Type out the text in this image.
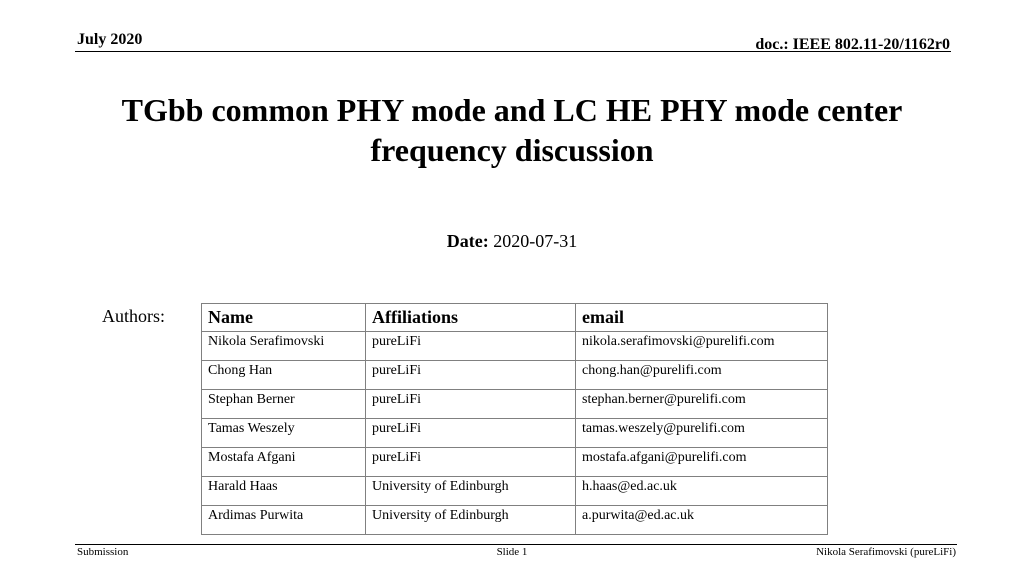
July 2020	doc.: IEEE 802.11-20/1162r0
TGbb common PHY mode and LC HE PHY mode center frequency discussion
Date: 2020-07-31
Authors: Name	Affiliations	email
Nikola Serafimovski	pureLiFi	nikola.serafimovski@purelifi.com
Chong Han	pureLiFi	chong.han@purelifi.com
Stephan Berner	pureLiFi	stephan.berner@purelifi.com
Tamas Weszely	pureLiFi	tamas.weszely@purelifi.com
Mostafa Afgani	pureLiFi	mostafa.afgani@purelifi.com
Harald Haas	University of Edinburgh	h.haas@ed.ac.uk
Ardimas Purwita	University of Edinburgh	a.purwita@ed.ac.uk
Submission	Slide 1	Nikola Serafimovski (pureLiFi)
